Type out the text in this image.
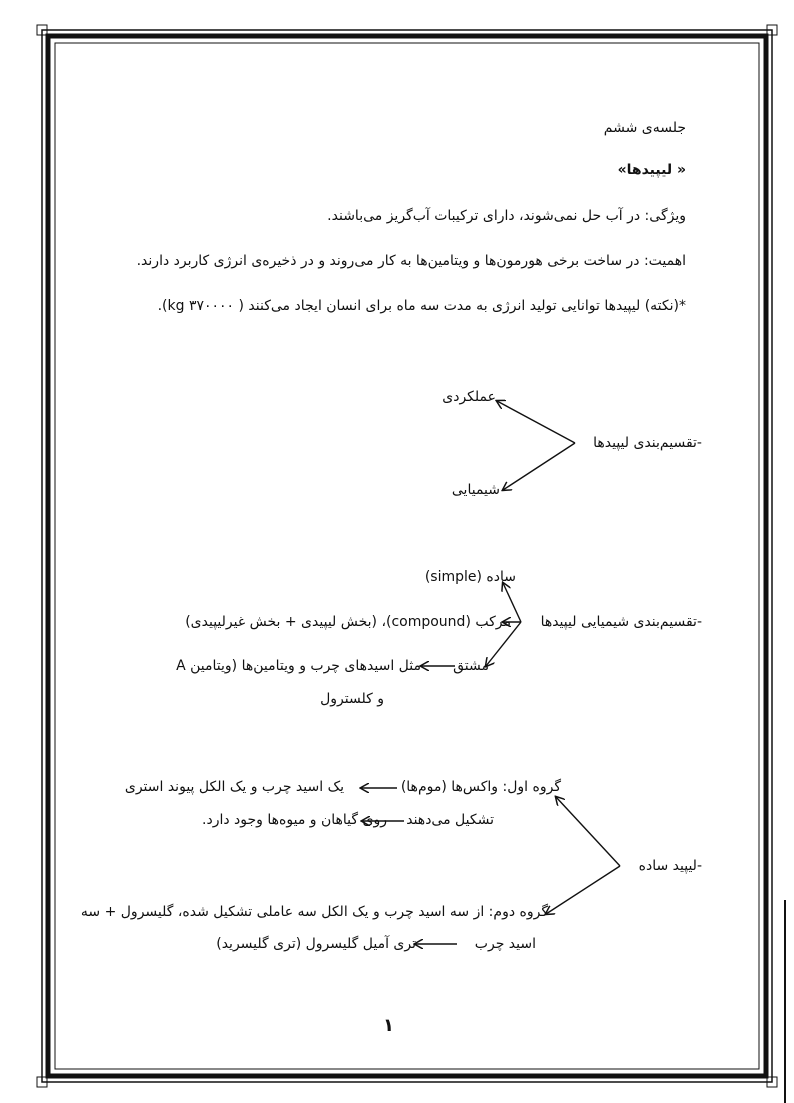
جلسه‌ی ششم
« لیپیدها»
ویژگی: در آب حل نمی‌شوند، دارای ترکیبات آب‌گریز می‌باشند.
اهمیت: در ساخت برخی هورمون‌ها و ویتامین‌ها به کار می‌روند و در ذخیره‌ی انرژی کاربرد دارند.
*(نکته) لیپیدها توانایی تولید انرژی به مدت سه ماه برای انسان ایجاد می‌کنند ( kg ۳۷۰۰۰۰).
-تقسیم‌بندی لیپیدها
عملکردی
شیمیایی
-تقسیم‌بندی شیمیایی لیپیدها
ساده (simple)
مرکب (compound)، (بخش لیپیدی + بخش غیرلیپیدی)
مشتق
مثل اسیدهای چرب و ویتامین‌ها (ویتامین A
و کلسترول
-لیپید ساده
گروه اول: واکس‌ها (موم‌ها)
یک اسید چرب و یک الکل پیوند استری
تشکیل می‌دهند
روی گیاهان و میوه‌ها وجود دارد.
گروه دوم: از سه اسید چرب و یک الکل سه عاملی تشکیل شده، گلیسرول + سه
اسید چرب
تری آمیل گلیسرول (تری گلیسرید)
۱
